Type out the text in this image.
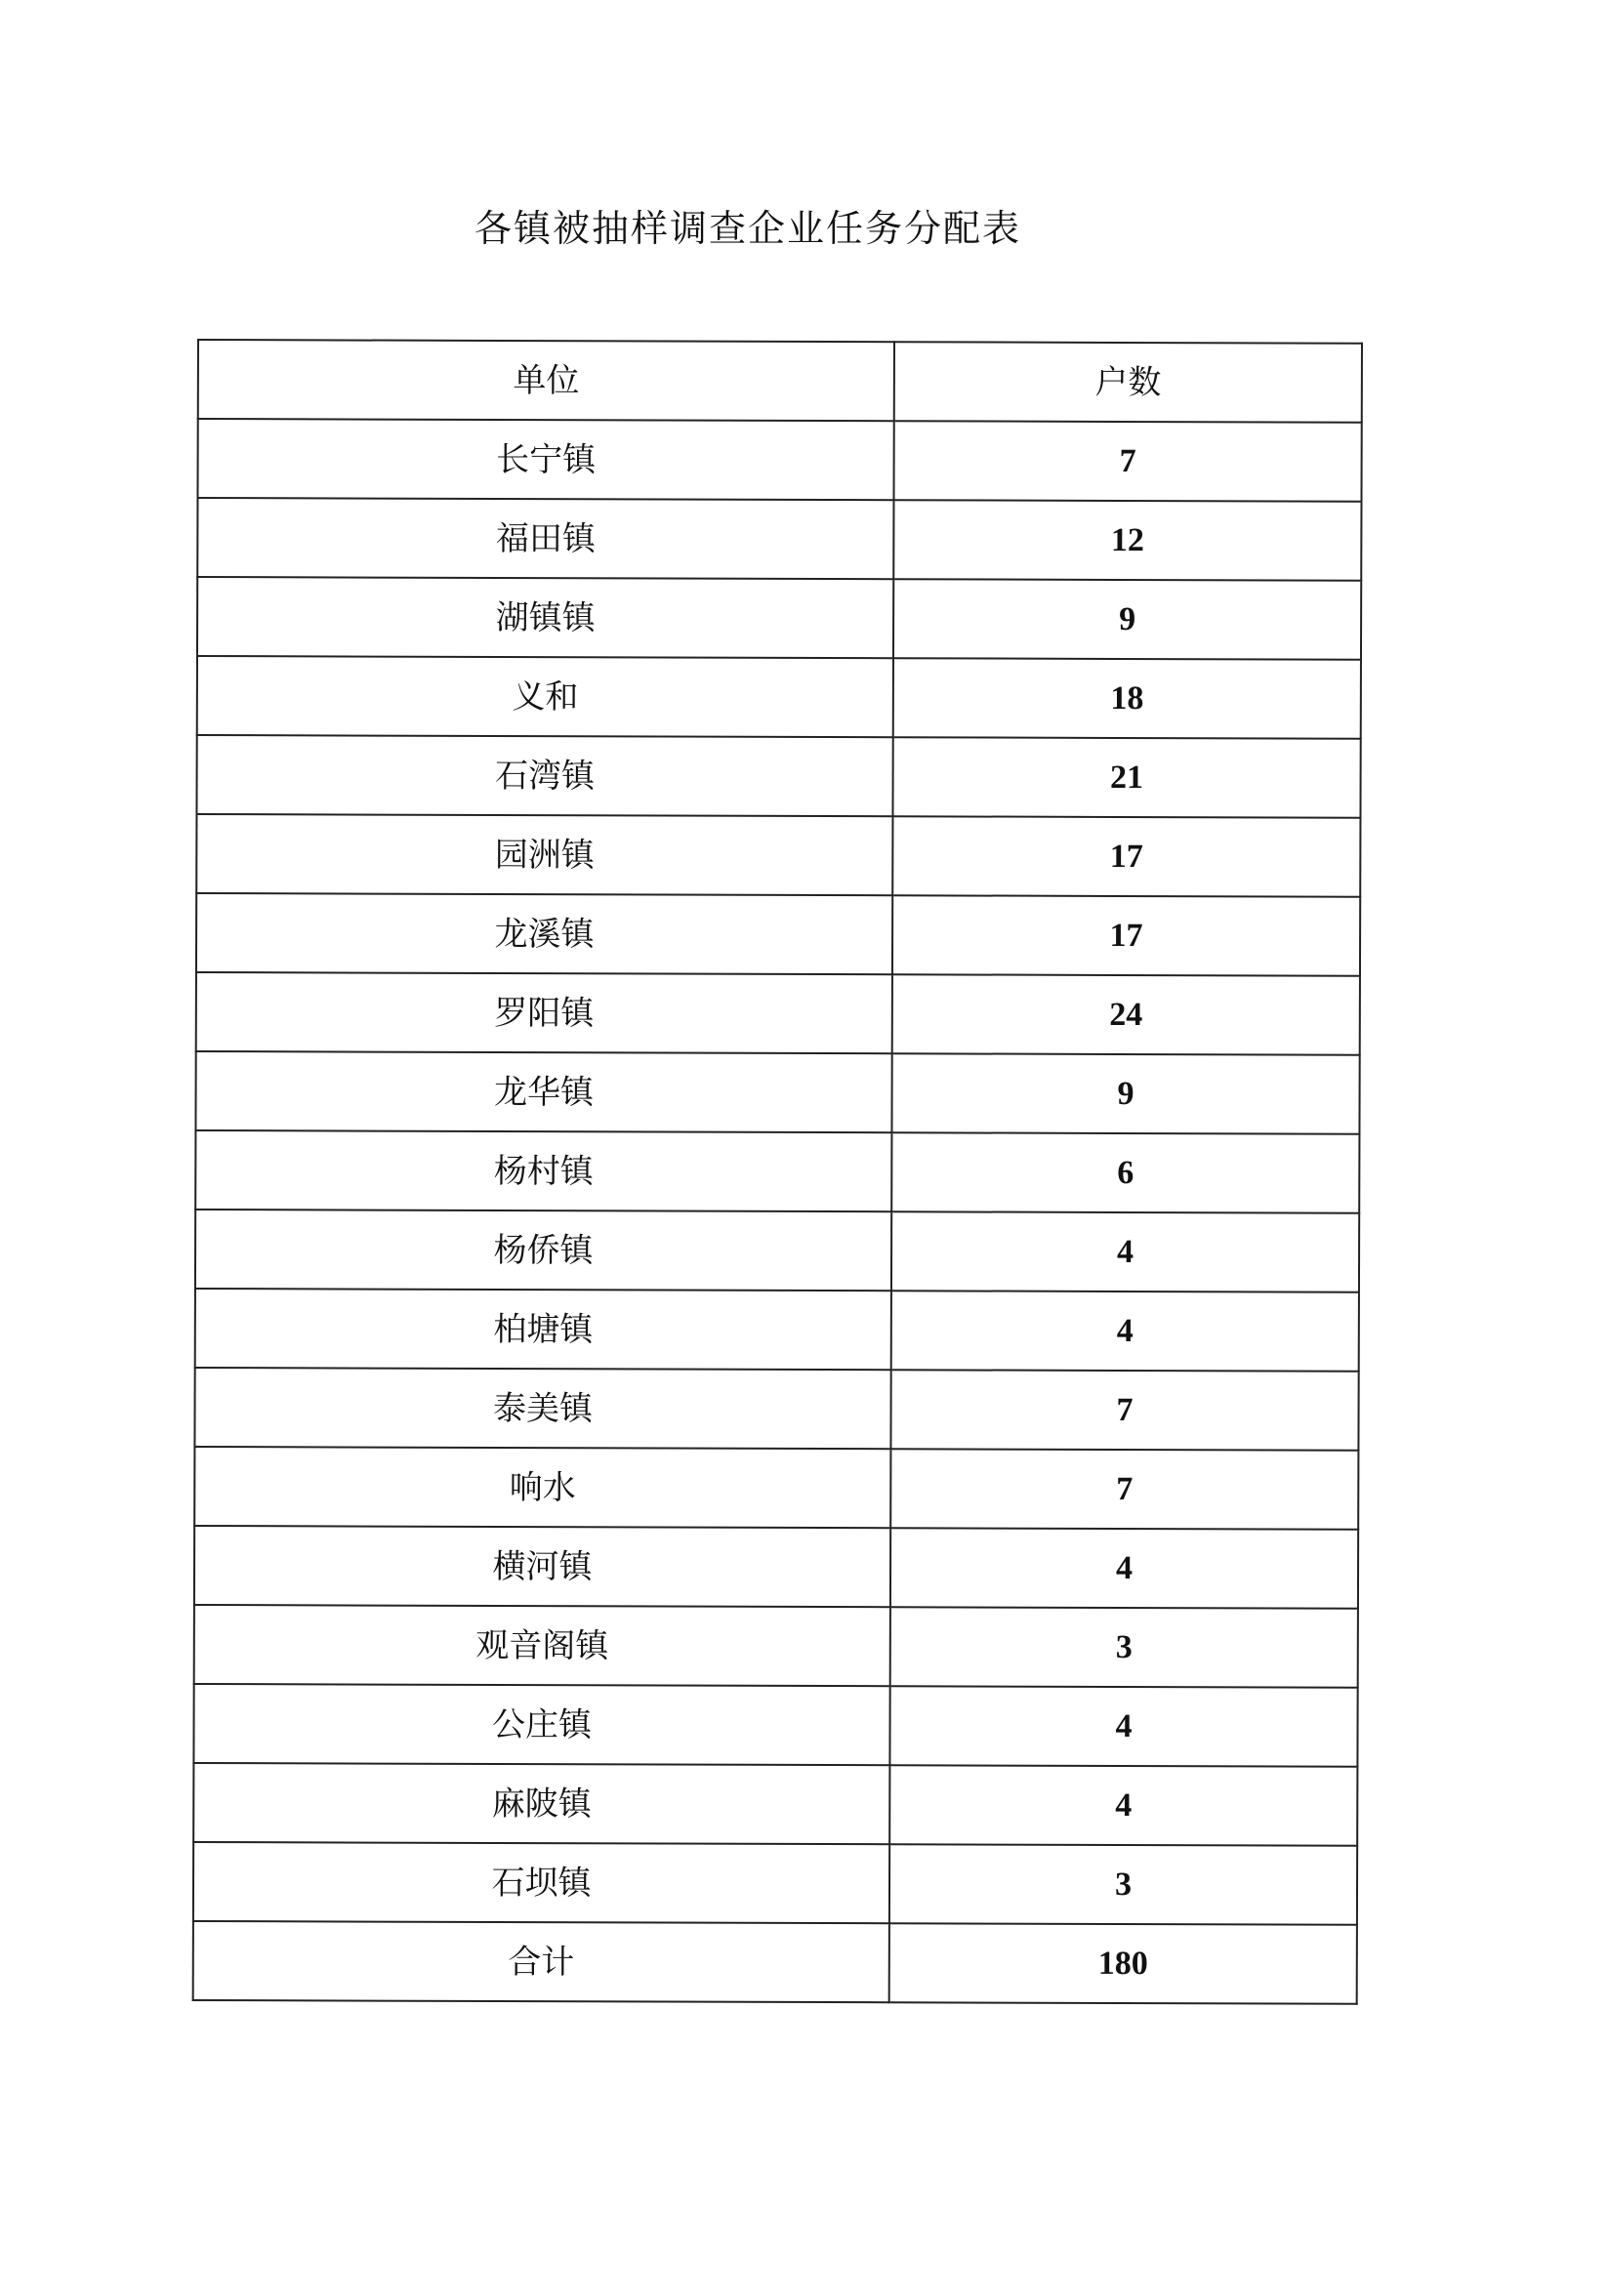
各镇被抽样调查企业任务分配表
单位	户数
长宁镇	7
福田镇	12
湖镇镇	9
义和	18
石湾镇	21
园洲镇	17
龙溪镇	17
罗阳镇	24
龙华镇	9
杨村镇	6
杨侨镇	4
柏塘镇	4
泰美镇	7
响水	7
横河镇	4
观音阁镇	3
公庄镇	4
麻陂镇	4
石坝镇	3
合计	180
